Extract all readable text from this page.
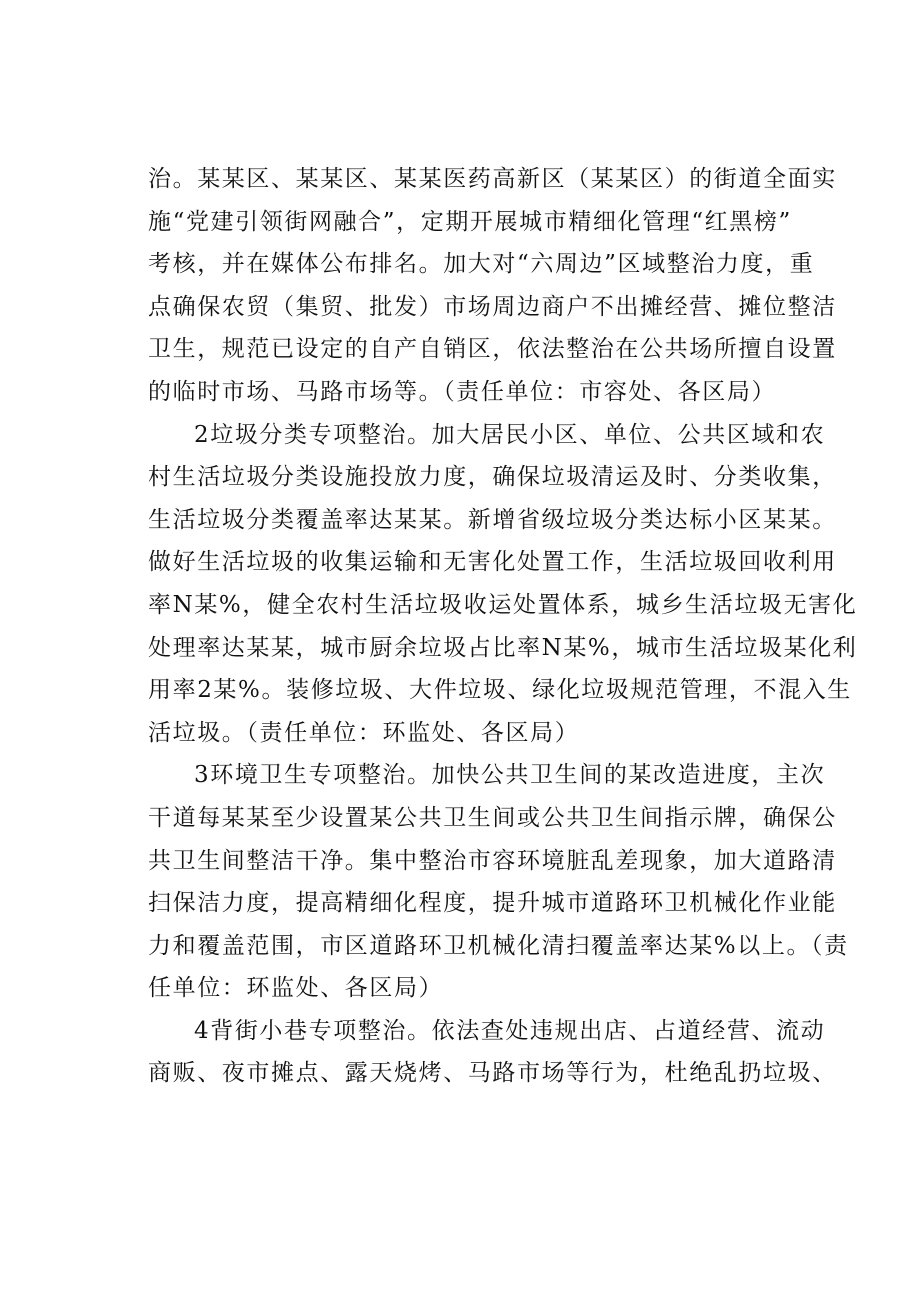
治。某某区、某某区、某某医药高新区（某某区）的街道全面实
施“党建引领街网融合”，定期开展城市精细化管理“红黑榜”
考核，并在媒体公布排名。加大对“六周边”区域整治力度，重
点确保农贸（集贸、批发）市场周边商户不出摊经营、摊位整洁
卫生，规范已设定的自产自销区，依法整治在公共场所擅自设置
的临时市场、马路市场等。（责任单位：市容处、各区局）
2垃圾分类专项整治。加大居民小区、单位、公共区域和农
村生活垃圾分类设施投放力度，确保垃圾清运及时、分类收集，
生活垃圾分类覆盖率达某某。新增省级垃圾分类达标小区某某。
做好生活垃圾的收集运输和无害化处置工作，生活垃圾回收利用
率N某%，健全农村生活垃圾收运处置体系，城乡生活垃圾无害化
处理率达某某，城市厨余垃圾占比率N某%，城市生活垃圾某化利
用率2某%。装修垃圾、大件垃圾、绿化垃圾规范管理，不混入生
活垃圾。（责任单位：环监处、各区局）
3环境卫生专项整治。加快公共卫生间的某改造进度，主次
干道每某某至少设置某公共卫生间或公共卫生间指示牌，确保公
共卫生间整洁干净。集中整治市容环境脏乱差现象，加大道路清
扫保洁力度，提高精细化程度，提升城市道路环卫机械化作业能
力和覆盖范围，市区道路环卫机械化清扫覆盖率达某%以上。（责
任单位：环监处、各区局）
4背街小巷专项整治。依法查处违规出店、占道经营、流动
商贩、夜市摊点、露天烧烤、马路市场等行为，杜绝乱扔垃圾、
